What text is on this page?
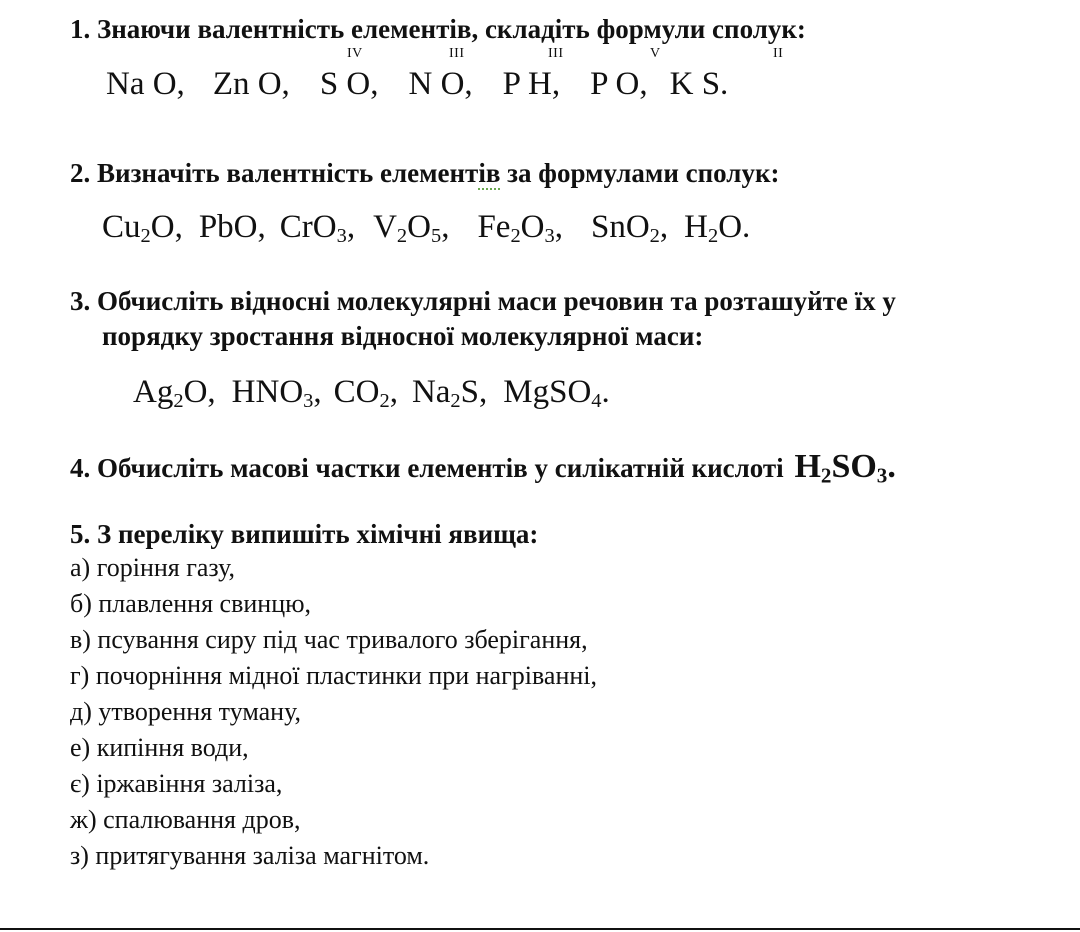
1. Знаючи валентність елементів, складіть формули сполук:
IV	III	III	V	II
Na O, Zn O, S O, N O, P H, P O, K S.
2. Визначіть валентність елементів за формулами сполук:
$Cu_2O$, PbO, CrO$_3$, $V_2O_5$, $Fe_2O_3$, SnO$_2$, $H_2O$.
3. Обчисліть відносні молекулярні маси речовин та розташуйте їх у
порядку зростання відносної молекулярної маси:
$Ag_2O$, $HNO_3$, $CO_2$, $Na_2S$, MgSO$_4$.
4. Обчисліть масові частки елементів у силікатній кислоті $H_2SO_3$.
5. З переліку випишіть хімічні явища:
а) горіння газу,
б) плавлення свинцю,
в) псування сиру під час тривалого зберігання,
г) почорніння мідної пластинки при нагріванні,
д) утворення туману,
е) кипіння води,
є) іржавіння заліза,
ж) спалювання дров,
з) притягування заліза магнітом.
